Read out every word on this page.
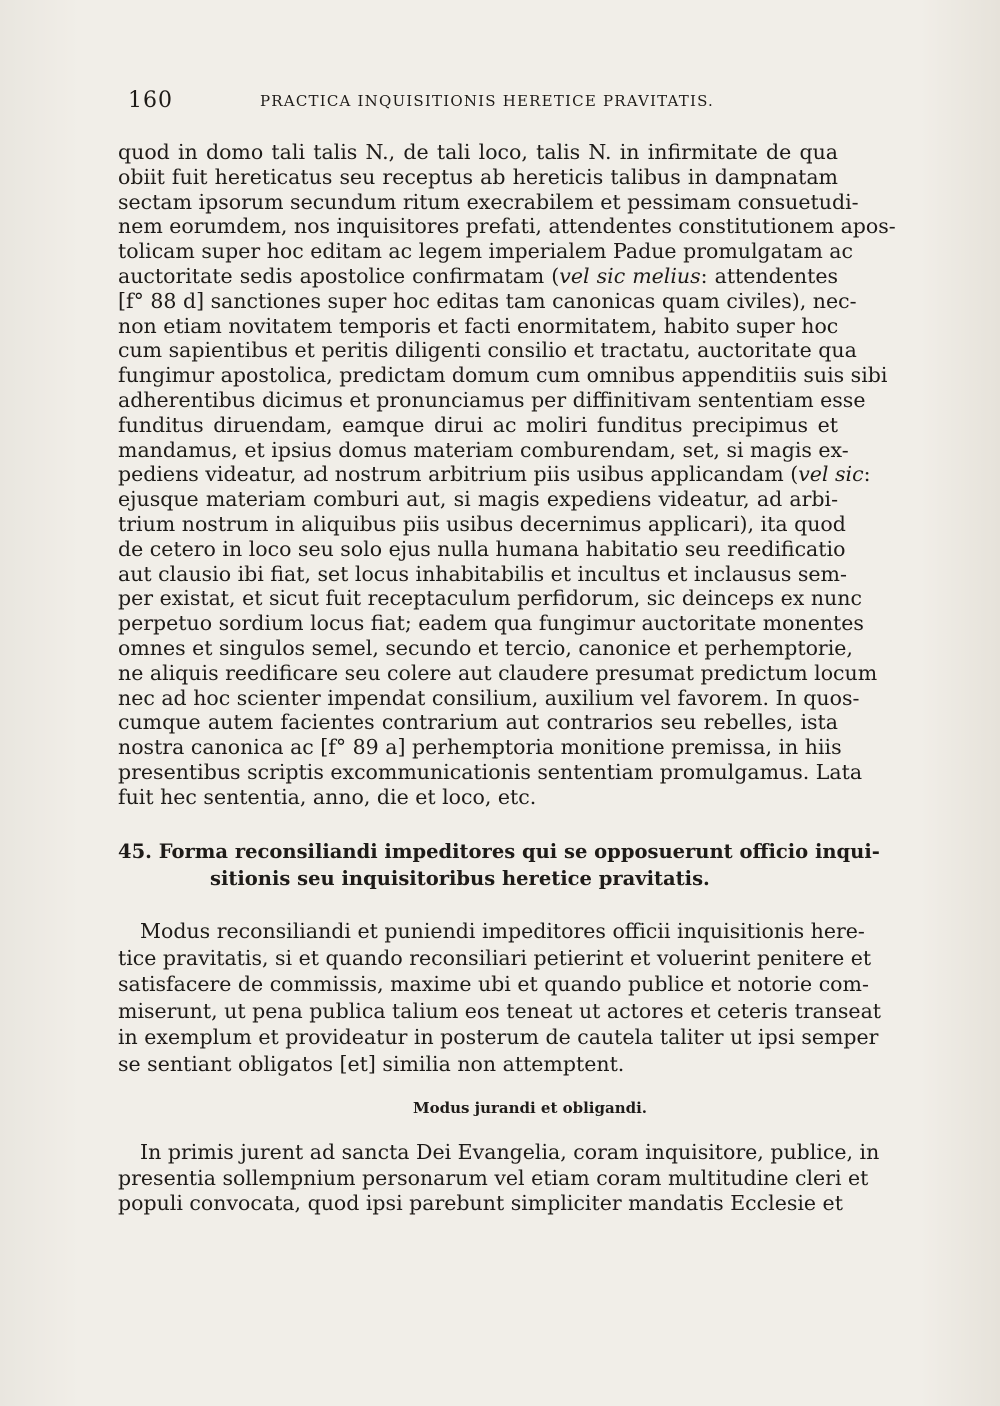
160	PRACTICA INQUISITIONIS HERETICE PRAVITATIS.
quod in domo tali talis N., de tali loco, talis N. in infirmitate de qua
obiit fuit hereticatus seu receptus ab hereticis talibus in dampnatam
sectam ipsorum secundum ritum execrabilem et pessimam consuetudi-
nem eorumdem, nos inquisitores prefati, attendentes constitutionem apos-
tolicam super hoc editam ac legem imperialem Padue promulgatam ac
auctoritate sedis apostolice confirmatam (vel sic melius: attendentes
[f° 88 d] sanctiones super hoc editas tam canonicas quam civiles), nec-
non etiam novitatem temporis et facti enormitatem, habito super hoc
cum sapientibus et peritis diligenti consilio et tractatu, auctoritate qua
fungimur apostolica, predictam domum cum omnibus appenditiis suis sibi
adherentibus dicimus et pronunciamus per diffinitivam sententiam esse
funditus diruendam, eamque dirui ac moliri funditus precipimus et
mandamus, et ipsius domus materiam comburendam, set, si magis ex-
pediens videatur, ad nostrum arbitrium piis usibus applicandam (vel sic:
ejusque materiam comburi aut, si magis expediens videatur, ad arbi-
trium nostrum in aliquibus piis usibus decernimus applicari), ita quod
de cetero in loco seu solo ejus nulla humana habitatio seu reedificatio
aut clausio ibi fiat, set locus inhabitabilis et incultus et inclausus sem-
per existat, et sicut fuit receptaculum perfidorum, sic deinceps ex nunc
perpetuo sordium locus fiat; eadem qua fungimur auctoritate monentes
omnes et singulos semel, secundo et tercio, canonice et perhemptorie,
ne aliquis reedificare seu colere aut claudere presumat predictum locum
nec ad hoc scienter impendat consilium, auxilium vel favorem. In quos-
cumque autem facientes contrarium aut contrarios seu rebelles, ista
nostra canonica ac [f° 89 a] perhemptoria monitione premissa, in hiis
presentibus scriptis excommunicationis sententiam promulgamus. Lata
fuit hec sententia, anno, die et loco, etc.
45. Forma reconsiliandi impeditores qui se opposuerunt officio inqui-
sitionis seu inquisitoribus heretice pravitatis.
Modus reconsiliandi et puniendi impeditores officii inquisitionis here-
tice pravitatis, si et quando reconsiliari petierint et voluerint penitere et
satisfacere de commissis, maxime ubi et quando publice et notorie com-
miserunt, ut pena publica talium eos teneat ut actores et ceteris transeat
in exemplum et provideatur in posterum de cautela taliter ut ipsi semper
se sentiant obligatos [et] similia non attemptent.
Modus jurandi et obligandi.
In primis jurent ad sancta Dei Evangelia, coram inquisitore, publice, in
presentia sollempnium personarum vel etiam coram multitudine cleri et
populi convocata, quod ipsi parebunt simpliciter mandatis Ecclesie et
